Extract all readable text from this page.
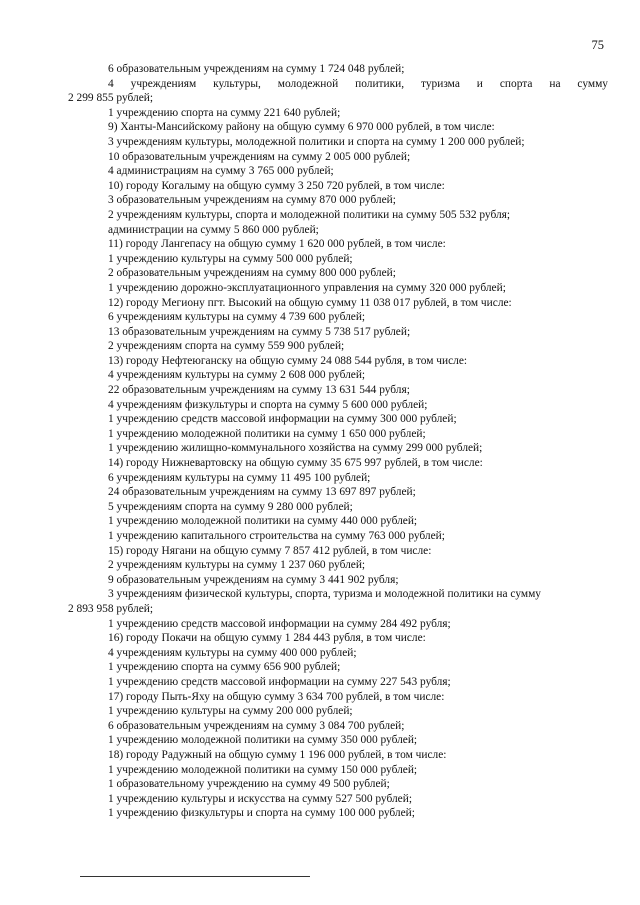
75
6 образовательным учреждениям на сумму 1 724 048 рублей;
4 учреждениям культуры, молодежной политики, туризма и спорта на сумму
2 299 855 рублей;
1 учреждению спорта на сумму 221 640 рублей;
9) Ханты-Мансийскому району на общую сумму 6 970 000 рублей, в том числе:
3 учреждениям культуры, молодежной политики и спорта на сумму 1 200 000 рублей;
10 образовательным учреждениям на сумму 2 005 000 рублей;
4 администрациям на сумму 3 765 000 рублей;
10) городу Когалыму на общую сумму 3 250 720 рублей, в том числе:
3 образовательным учреждениям на сумму 870 000 рублей;
2 учреждениям культуры, спорта и молодежной политики на сумму 505 532 рубля;
администрации на сумму 5 860 000 рублей;
11) городу Лангепасу на общую сумму 1 620 000 рублей, в том числе:
1 учреждению культуры на сумму 500 000 рублей;
2 образовательным учреждениям на сумму 800 000 рублей;
1 учреждению дорожно-эксплуатационного управления на сумму 320 000 рублей;
12) городу Мегиону пгт. Высокий на общую сумму 11 038 017 рублей, в том числе:
6 учреждениям культуры на сумму 4 739 600 рублей;
13 образовательным учреждениям на сумму 5 738 517 рублей;
2 учреждениям спорта на сумму 559 900 рублей;
13) городу Нефтеюганску на общую сумму 24 088 544 рубля, в том числе:
4 учреждениям культуры на сумму 2 608 000 рублей;
22 образовательным учреждениям на сумму 13 631 544 рубля;
4 учреждениям физкультуры и спорта на сумму 5 600 000 рублей;
1 учреждению средств массовой информации на сумму 300 000 рублей;
1 учреждению молодежной политики на сумму 1 650 000 рублей;
1 учреждению жилищно-коммунального хозяйства на сумму 299 000 рублей;
14) городу Нижневартовску на общую сумму 35 675 997 рублей, в том числе:
6 учреждениям культуры на сумму 11 495 100 рублей;
24 образовательным учреждениям на сумму 13 697 897 рублей;
5 учреждениям спорта на сумму 9 280 000 рублей;
1 учреждению молодежной политики на сумму 440 000 рублей;
1 учреждению капитального строительства на сумму 763 000 рублей;
15) городу Нягани на общую сумму 7 857 412 рублей, в том числе:
2 учреждениям культуры на сумму 1 237 060 рублей;
9 образовательным учреждениям на сумму 3 441 902 рубля;
3 учреждениям физической культуры, спорта, туризма и молодежной политики на сумму
2 893 958 рублей;
1 учреждению средств массовой информации на сумму 284 492 рубля;
16) городу Покачи на общую сумму 1 284 443 рубля, в том числе:
4 учреждениям культуры на сумму 400 000 рублей;
1 учреждению спорта на сумму 656 900 рублей;
1 учреждению средств массовой информации на сумму 227 543 рубля;
17) городу Пыть-Яху на общую сумму 3 634 700 рублей, в том числе:
1 учреждению культуры на сумму 200 000 рублей;
6 образовательным учреждениям на сумму 3 084 700 рублей;
1 учреждению молодежной политики на сумму 350 000 рублей;
18) городу Радужный на общую сумму 1 196 000 рублей, в том числе:
1 учреждению молодежной политики на сумму 150 000 рублей;
1 образовательному учреждению на сумму 49 500 рублей;
1 учреждению культуры и искусства на сумму 527 500 рублей;
1 учреждению физкультуры и спорта на сумму 100 000 рублей;
